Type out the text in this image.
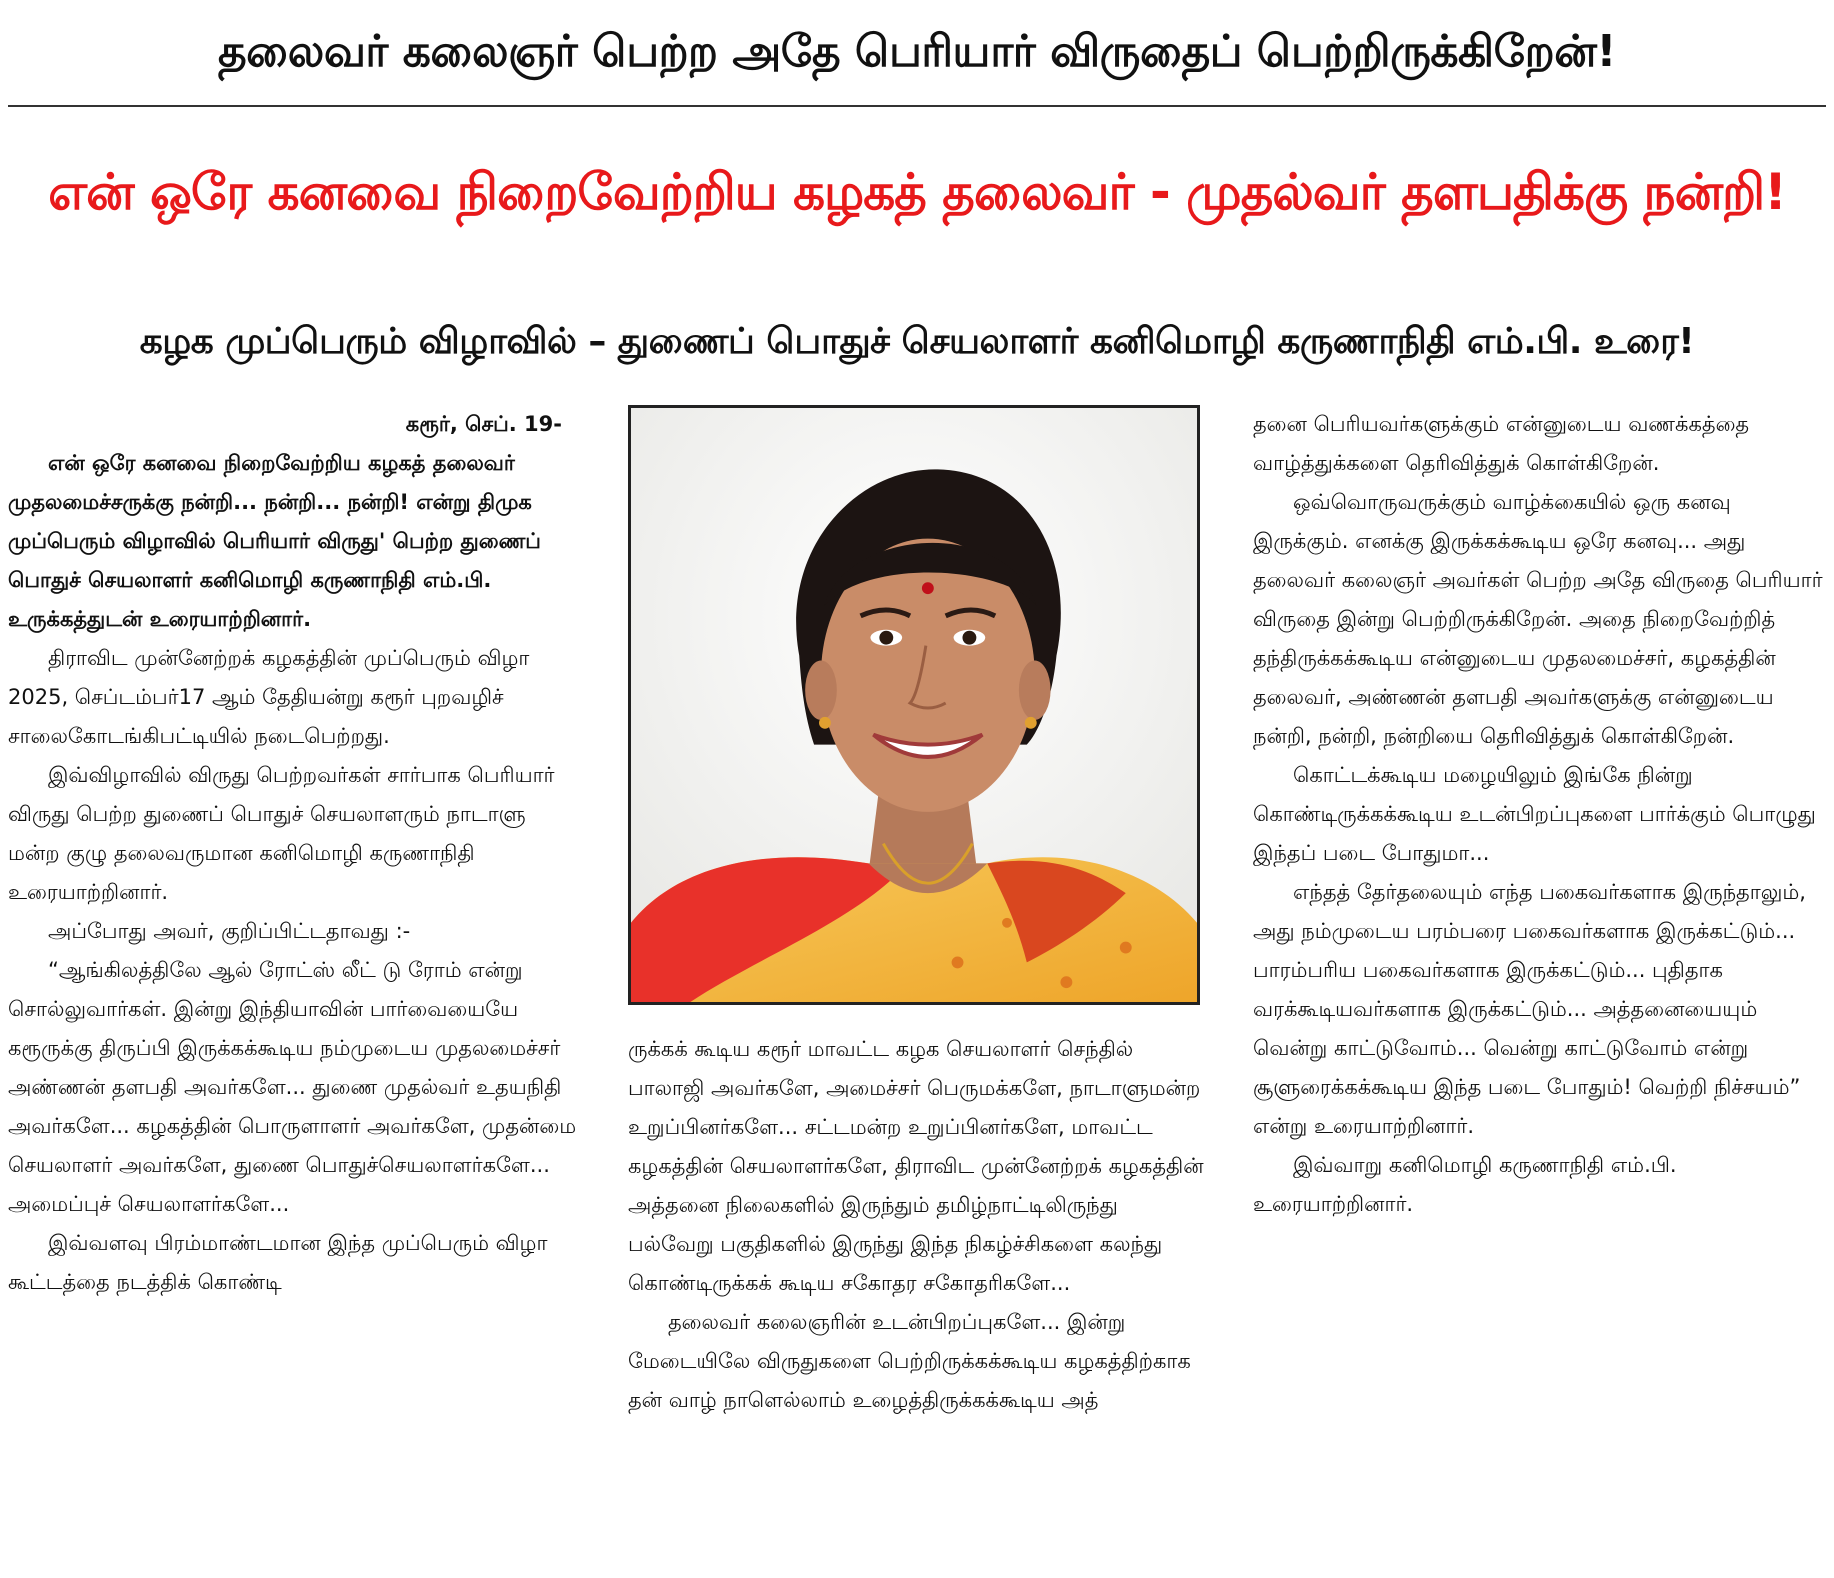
தலைவர் கலைஞர் பெற்ற அதே பெரியார் விருதைப் பெற்றிருக்கிறேன்!
என் ஒரே கனவை நிறைவேற்றிய கழகத் தலைவர் - முதல்வர் தளபதிக்கு நன்றி!
கழக முப்பெரும் விழாவில் – துணைப் பொதுச் செயலாளர் கனிமொழி கருணாநிதி எம்.பி. உரை!

கரூர், செப். 19-

என் ஒரே கனவை நிறைவேற்றிய கழகத் தலைவர் முதலமைச்சருக்கு நன்றி... நன்றி... நன்றி! என்று திமுக முப்பெரும் விழாவில் பெரியார் விருது' பெற்ற துணைப் பொதுச் செயலாளர் கனிமொழி கருணாநிதி எம்.பி. உருக்கத்துடன் உரையாற்றினார்.

திராவிட முன்னேற்றக் கழகத்தின் முப்பெரும் விழா 2025, செப்டம்பர்17 ஆம் தேதியன்று கரூர் புறவழிச் சாலைகோடங்கிபட்டியில் நடைபெற்றது.

இவ்விழாவில் விருது பெற்றவர்கள் சார்பாக பெரியார் விருது பெற்ற துணைப் பொதுச் செயலாளரும் நாடாளு மன்ற குழு தலைவருமான கனிமொழி கருணாநிதி உரையாற்றினார்.

அப்போது அவர், குறிப்பிட்டதாவது :-

“ஆங்கிலத்திலே ஆல் ரோட்ஸ் லீட் டு ரோம் என்று சொல்லுவார்கள். இன்று இந்தியாவின் பார்வையையே கரூருக்கு திருப்பி இருக்கக்கூடிய நம்முடைய முதலமைச்சர் அண்ணன் தளபதி அவர்களே... துணை முதல்வர் உதயநிதி அவர்களே... கழகத்தின் பொருளாளர் அவர்களே, முதன்மை செயலாளர் அவர்களே, துணை பொதுச்செயலாளர்களே... அமைப்புச் செயலாளர்களே...

இவ்வளவு பிரம்மாண்டமான இந்த முப்பெரும் விழா கூட்டத்தை நடத்திக் கொண்டி

ருக்கக் கூடிய கரூர் மாவட்ட கழக செயலாளர் செந்தில் பாலாஜி அவர்களே, அமைச்சர் பெருமக்களே, நாடாளுமன்ற உறுப்பினர்களே... சட்டமன்ற உறுப்பினர்களே, மாவட்ட கழகத்தின் செயலாளர்களே, திராவிட முன்னேற்றக் கழகத்தின் அத்தனை நிலைகளில் இருந்தும் தமிழ்நாட்டிலிருந்து பல்வேறு பகுதிகளில் இருந்து இந்த நிகழ்ச்சிகளை கலந்து கொண்டிருக்கக் கூடிய சகோதர சகோதரிகளே...

தலைவர் கலைஞரின் உடன்பிறப்புகளே... இன்று மேடையிலே விருதுகளை பெற்றிருக்கக்கூடிய கழகத்திற்காக தன் வாழ் நாளெல்லாம் உழைத்திருக்கக்கூடிய அத்

தனை பெரியவர்களுக்கும் என்னுடைய வணக்கத்தை வாழ்த்துக்களை தெரிவித்துக் கொள்கிறேன்.

ஒவ்வொருவருக்கும் வாழ்க்கையில் ஒரு கனவு இருக்கும். எனக்கு இருக்கக்கூடிய ஒரே கனவு... அது தலைவர் கலைஞர் அவர்கள் பெற்ற அதே விருதை பெரியார் விருதை இன்று பெற்றிருக்கிறேன். அதை நிறைவேற்றித் தந்திருக்கக்கூடிய என்னுடைய முதலமைச்சர், கழகத்தின் தலைவர், அண்ணன் தளபதி அவர்களுக்கு என்னுடைய நன்றி, நன்றி, நன்றியை தெரிவித்துக் கொள்கிறேன்.

கொட்டக்கூடிய மழையிலும் இங்கே நின்று கொண்டிருக்கக்கூடிய உடன்பிறப்புகளை பார்க்கும் பொழுது இந்தப் படை போதுமா...

எந்தத் தேர்தலையும் எந்த பகைவர்களாக இருந்தாலும், அது நம்முடைய பரம்பரை பகைவர்களாக இருக்கட்டும்... பாரம்பரிய பகைவர்களாக இருக்கட்டும்... புதிதாக வரக்கூடியவர்களாக இருக்கட்டும்... அத்தனையையும் வென்று காட்டுவோம்... வென்று காட்டுவோம் என்று சூளுரைக்கக்கூடிய இந்த படை போதும்! வெற்றி நிச்சயம்” என்று உரையாற்றினார்.

இவ்வாறு கனிமொழி கருணாநிதி எம்.பி. உரையாற்றினார்.
